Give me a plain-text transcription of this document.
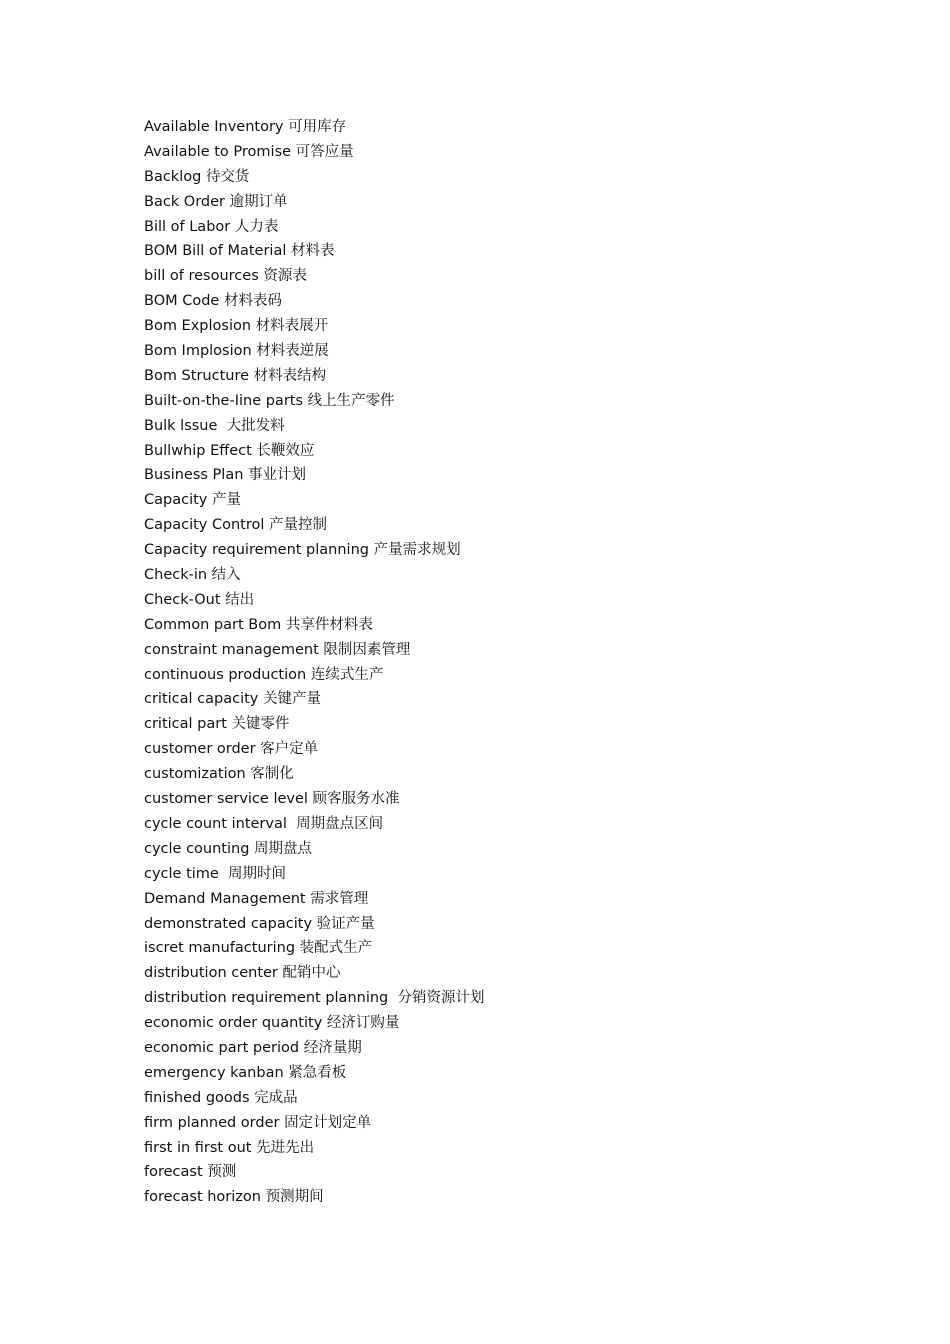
Available Inventory 可用库存
Available to Promise 可答应量
Backlog 待交货
Back Order 逾期订单
Bill of Labor 人力表
BOM Bill of Material 材料表
bill of resources 资源表
BOM Code 材料表码
Bom Explosion 材料表展开
Bom Implosion 材料表逆展
Bom Structure 材料表结构
Built-on-the-Iine parts 线上生产零件
Bulk lssue  大批发料
Bullwhip Effect 长鞭效应
Business Plan 事业计划
Capacity 产量
Capacity Control 产量控制
Capacity requirement planning 产量需求规划
Check-in 结入
Check-Out 结出
Common part Bom 共享件材料表
constraint management 限制因素管理
continuous production 连续式生产
critical capacity 关键产量
critical part 关键零件
customer order 客户定单
customization 客制化
customer service level 顾客服务水准
cycle count interval  周期盘点区间
cycle counting 周期盘点
cycle time  周期时间
Demand Management 需求管理
demonstrated capacity 验证产量
iscret manufacturing 装配式生产
distribution center 配销中心
distribution requirement planning  分销资源计划
economic order quantity 经济订购量
economic part period 经济量期
emergency kanban 紧急看板
finished goods 完成品
firm planned order 固定计划定单
first in first out 先进先出
forecast 预测
forecast horizon 预测期间
